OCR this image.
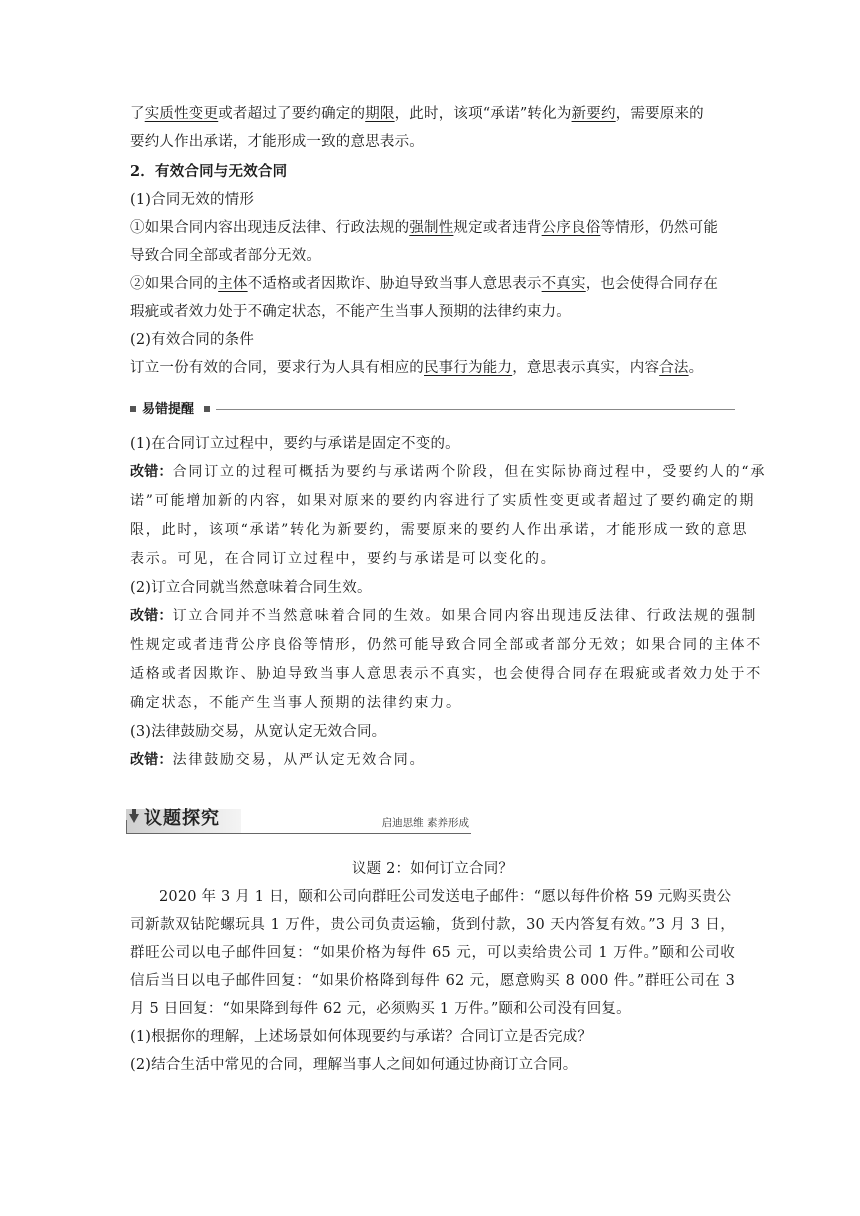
了实质性变更或者超过了要约确定的期限，此时，该项“承诺”转化为新要约，需要原来的
要约人作出承诺，才能形成一致的意思表示。
2．有效合同与无效合同
(1)合同无效的情形
①如果合同内容出现违反法律、行政法规的强制性规定或者违背公序良俗等情形，仍然可能
导致合同全部或者部分无效。
②如果合同的主体不适格或者因欺诈、胁迫导致当事人意思表示不真实，也会使得合同存在
瑕疵或者效力处于不确定状态，不能产生当事人预期的法律约束力。
(2)有效合同的条件
订立一份有效的合同，要求行为人具有相应的民事行为能力，意思表示真实，内容合法。
易错提醒
(1)在合同订立过程中，要约与承诺是固定不变的。
改错：合同订立的过程可概括为要约与承诺两个阶段，但在实际协商过程中，受要约人的“承
诺”可能增加新的内容，如果对原来的要约内容进行了实质性变更或者超过了要约确定的期
限，此时，该项“承诺”转化为新要约，需要原来的要约人作出承诺，才能形成一致的意思
表示。可见，在合同订立过程中，要约与承诺是可以变化的。
(2)订立合同就当然意味着合同生效。
改错：订立合同并不当然意味着合同的生效。如果合同内容出现违反法律、行政法规的强制
性规定或者违背公序良俗等情形，仍然可能导致合同全部或者部分无效；如果合同的主体不
适格或者因欺诈、胁迫导致当事人意思表示不真实，也会使得合同存在瑕疵或者效力处于不
确定状态，不能产生当事人预期的法律约束力。
(3)法律鼓励交易，从宽认定无效合同。
改错：法律鼓励交易，从严认定无效合同。
议题探究	启迪思维 素养形成
议题 2：如何订立合同？
2020 年 3 月 1 日，颐和公司向群旺公司发送电子邮件：“愿以每件价格 59 元购买贵公
司新款双钻陀螺玩具 1 万件，贵公司负责运输，货到付款，30 天内答复有效。”3 月 3 日，
群旺公司以电子邮件回复：“如果价格为每件 65 元，可以卖给贵公司 1 万件。”颐和公司收
信后当日以电子邮件回复：“如果价格降到每件 62 元，愿意购买 8 000 件。”群旺公司在 3
月 5 日回复：“如果降到每件 62 元，必须购买 1 万件。”颐和公司没有回复。
(1)根据你的理解，上述场景如何体现要约与承诺？合同订立是否完成？
(2)结合生活中常见的合同，理解当事人之间如何通过协商订立合同。
